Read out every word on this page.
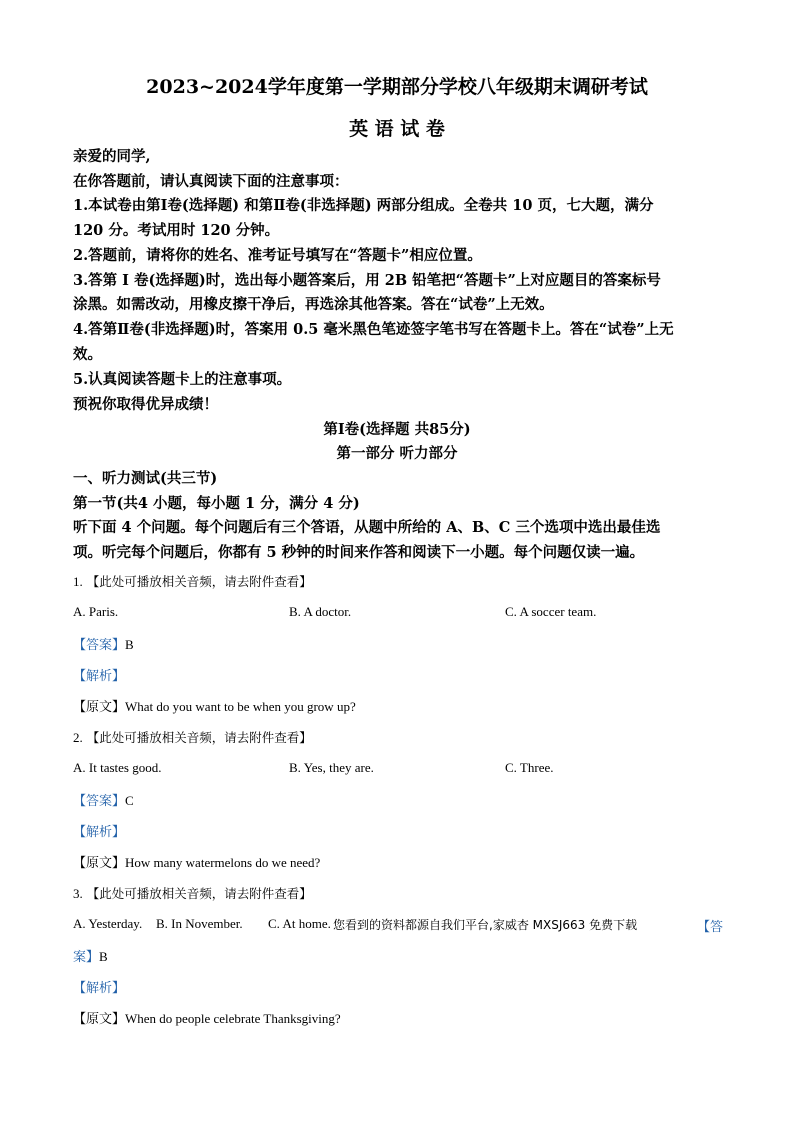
2023~2024学年度第一学期部分学校八年级期末调研考试
英 语 试 卷
亲爱的同学,
在你答题前，请认真阅读下面的注意事项：
1.本试卷由第Ⅰ卷(选择题) 和第Ⅱ卷(非选择题) 两部分组成。全卷共 10 页，七大题，满分
120 分。考试用时 120 分钟。
2.答题前，请将你的姓名、准考证号填写在“答题卡”相应位置。
3.答第 Ⅰ 卷(选择题)时，选出每小题答案后，用 2B 铅笔把“答题卡”上对应题目的答案标号
涂黑。如需改动，用橡皮擦干净后，再选涂其他答案。答在“试卷”上无效。
4.答第Ⅱ卷(非选择题)时，答案用 0.5 毫米黑色笔迹签字笔书写在答题卡上。答在“试卷”上无
效。
5.认真阅读答题卡上的注意事项。
预祝你取得优异成绩！
第Ⅰ卷(选择题 共85分)
第一部分 听力部分
一、听力测试(共三节)
第一节(共4 小题，每小题 1 分，满分 4 分)
听下面 4 个问题。每个问题后有三个答语，从题中所给的 A、B、C 三个选项中选出最佳选
项。听完每个问题后，你都有 5 秒钟的时间来作答和阅读下一小题。每个问题仅读一遍。
1. 【此处可播放相关音频，请去附件查看】
A. Paris.	B. A doctor.	C. A soccer team.
【答案】B
【解析】
【原文】What do you want to be when you grow up?
2. 【此处可播放相关音频，请去附件查看】
A. It tastes good.	B. Yes, they are.	C. Three.
【答案】C
【解析】
【原文】How many watermelons do we need?
3. 【此处可播放相关音频，请去附件查看】
A. Yesterday. B. In November. C. At home. 您看到的资料都源自我们平台,家威杏 MXSJ663 免费下载	【答
案】B
【解析】
【原文】When do people celebrate Thanksgiving?
